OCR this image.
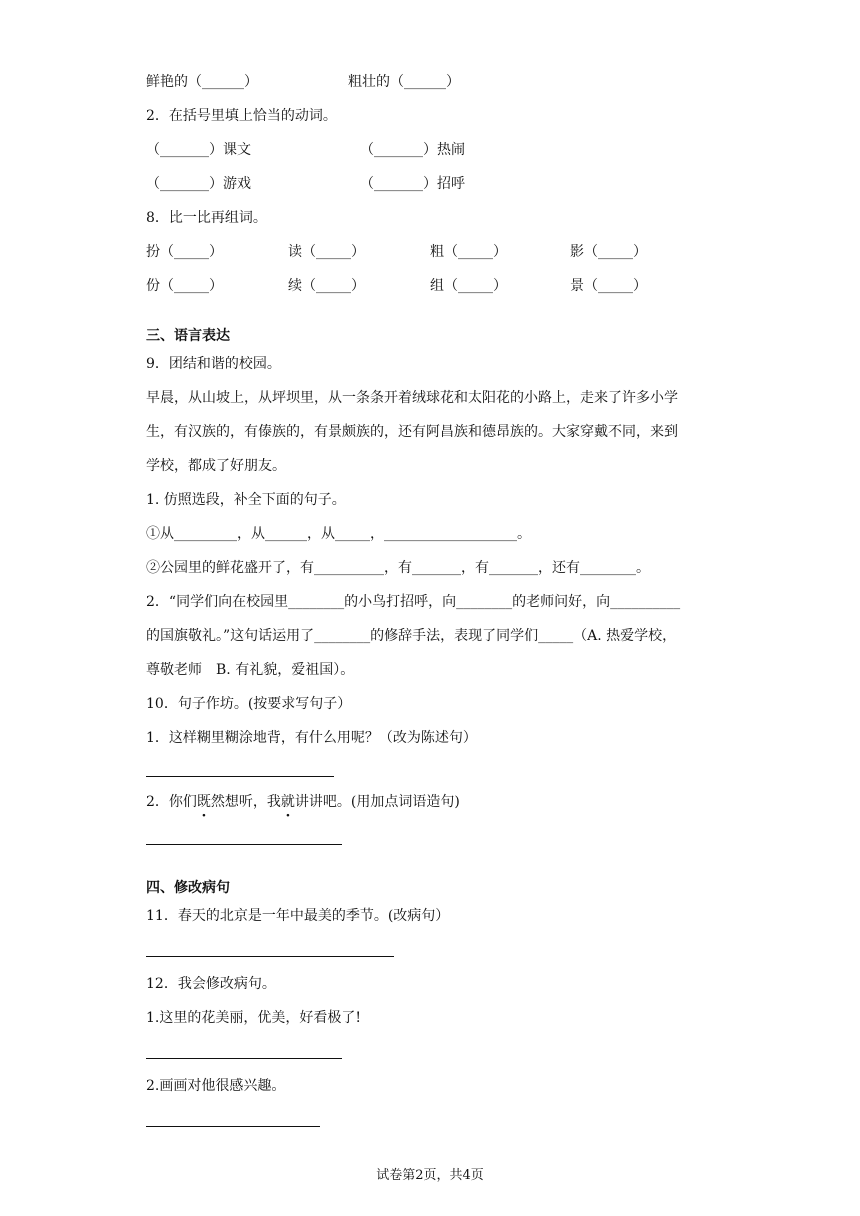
鲜艳的（______）	粗壮的（______）
2．在括号里填上恰当的动词。
（_______）课文	（_______）热闹
（_______）游戏	（_______）招呼
8．比一比再组词。
扮（_____）	读（_____）	粗（_____）	影（_____）
份（_____）	续（_____）	组（_____）	景（_____）
三、语言表达
9．团结和谐的校园。
早晨，从山坡上，从坪坝里，从一条条开着绒球花和太阳花的小路上，走来了许多小学
生，有汉族的，有傣族的，有景颇族的，还有阿昌族和德昂族的。大家穿戴不同，来到
学校，都成了好朋友。
1. 仿照选段，补全下面的句子。
①从_________，从______，从_____，___________________。
②公园里的鲜花盛开了，有__________，有_______，有_______，还有________。
2．“同学们向在校园里________的小鸟打招呼，向________的老师问好，向__________
的国旗敬礼。”这句话运用了________的修辞手法，表现了同学们_____（A. 热爱学校，
尊敬老师　B. 有礼貌，爱祖国）。
10．句子作坊。(按要求写句子）
1．这样糊里糊涂地背，有什么用呢？（改为陈述句）
2．你们既然想听，我就讲讲吧。(用加点词语造句)
四、修改病句
11．春天的北京是一年中最美的季节。(改病句）
12．我会修改病句。
1.这里的花美丽，优美，好看极了!
2.画画对他很感兴趣。
试卷第2页，共4页
